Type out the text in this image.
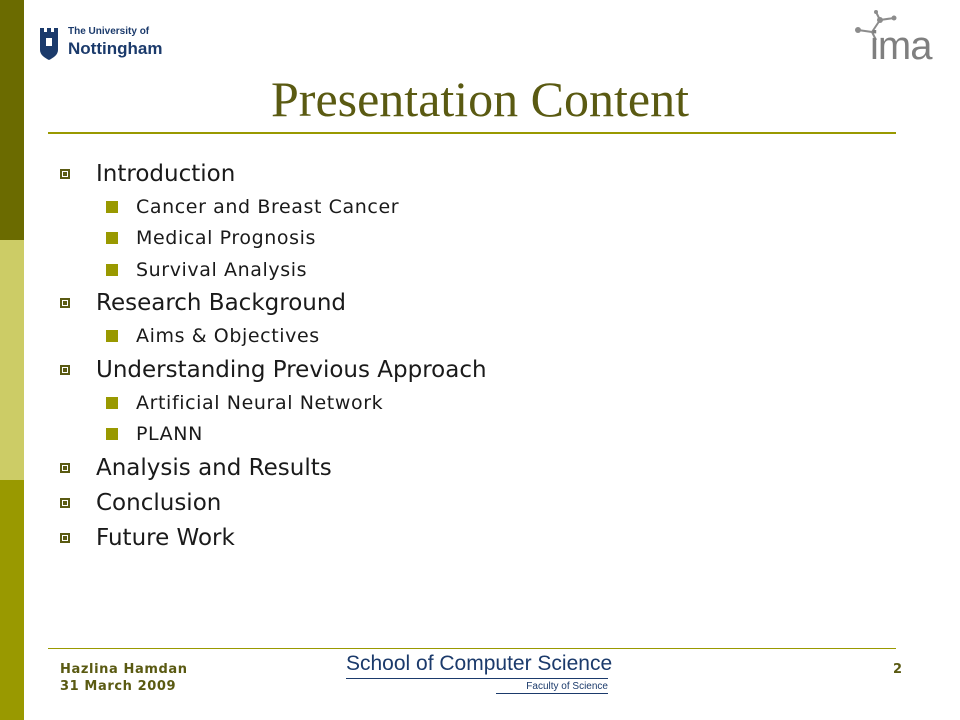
The University of
Nottingham	ima
Presentation Content
Introduction
Cancer and Breast Cancer
Medical Prognosis
Survival Analysis
Research Background
Aims & Objectives
Understanding Previous Approach
Artificial Neural Network
PLANN
Analysis and Results
Conclusion
Future Work
Hazlina Hamdan
31 March 2009
School of Computer Science
Faculty of Science
2
